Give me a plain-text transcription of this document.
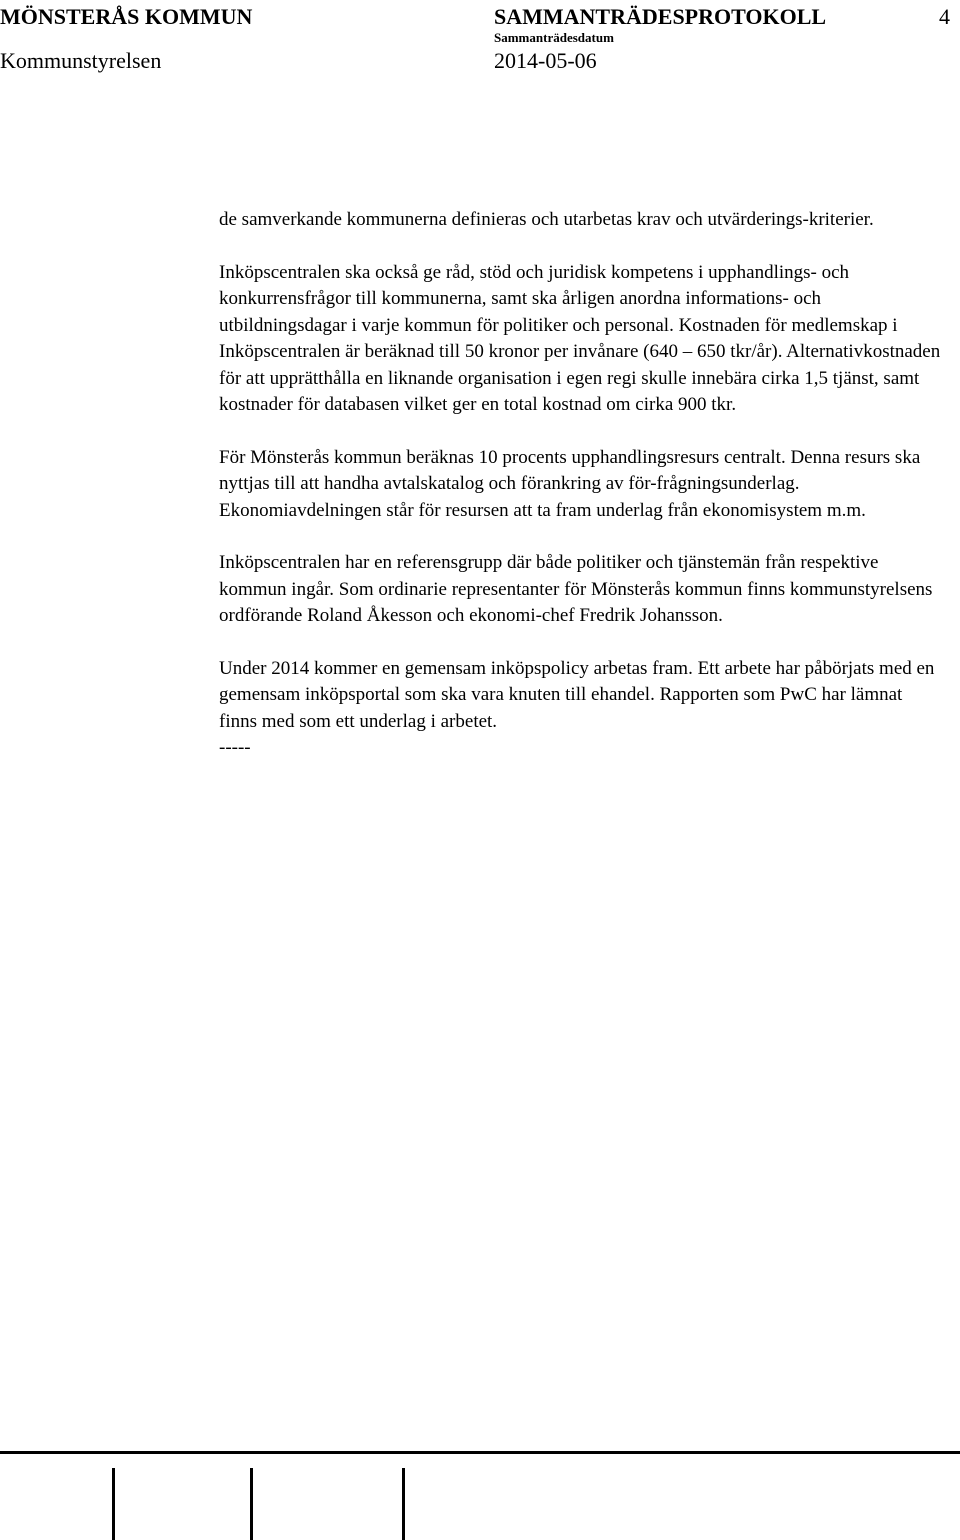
MÖNSTERÅS KOMMUN	SAMMANTRÄDESPROTOKOLL	4
Sammanträdesdatum
Kommunstyrelsen	2014-05-06

de samverkande kommunerna definieras och utarbetas krav och utvärderings-kriterier.

Inköpscentralen ska också ge råd, stöd och juridisk kompetens i upphandlings- och konkurrensfrågor till kommunerna, samt ska årligen anordna informations- och utbildningsdagar i varje kommun för politiker och personal. Kostnaden för medlemskap i Inköpscentralen är beräknad till 50 kronor per invånare (640 – 650 tkr/år). Alternativkostnaden för att upprätthålla en liknande organisation i egen regi skulle innebära cirka 1,5 tjänst, samt kostnader för databasen vilket ger en total kostnad om cirka 900 tkr.

För Mönsterås kommun beräknas 10 procents upphandlingsresurs centralt. Denna resurs ska nyttjas till att handha avtalskatalog och förankring av för-frågningsunderlag. Ekonomiavdelningen står för resursen att ta fram underlag från ekonomisystem m.m.

Inköpscentralen har en referensgrupp där både politiker och tjänstemän från respektive kommun ingår. Som ordinarie representanter för Mönsterås kommun finns kommunstyrelsens ordförande Roland Åkesson och ekonomi-chef Fredrik Johansson.

Under 2014 kommer en gemensam inköpspolicy arbetas fram. Ett arbete har påbörjats med en gemensam inköpsportal som ska vara knuten till ehandel. Rapporten som PwC har lämnat finns med som ett underlag i arbetet.

-----
